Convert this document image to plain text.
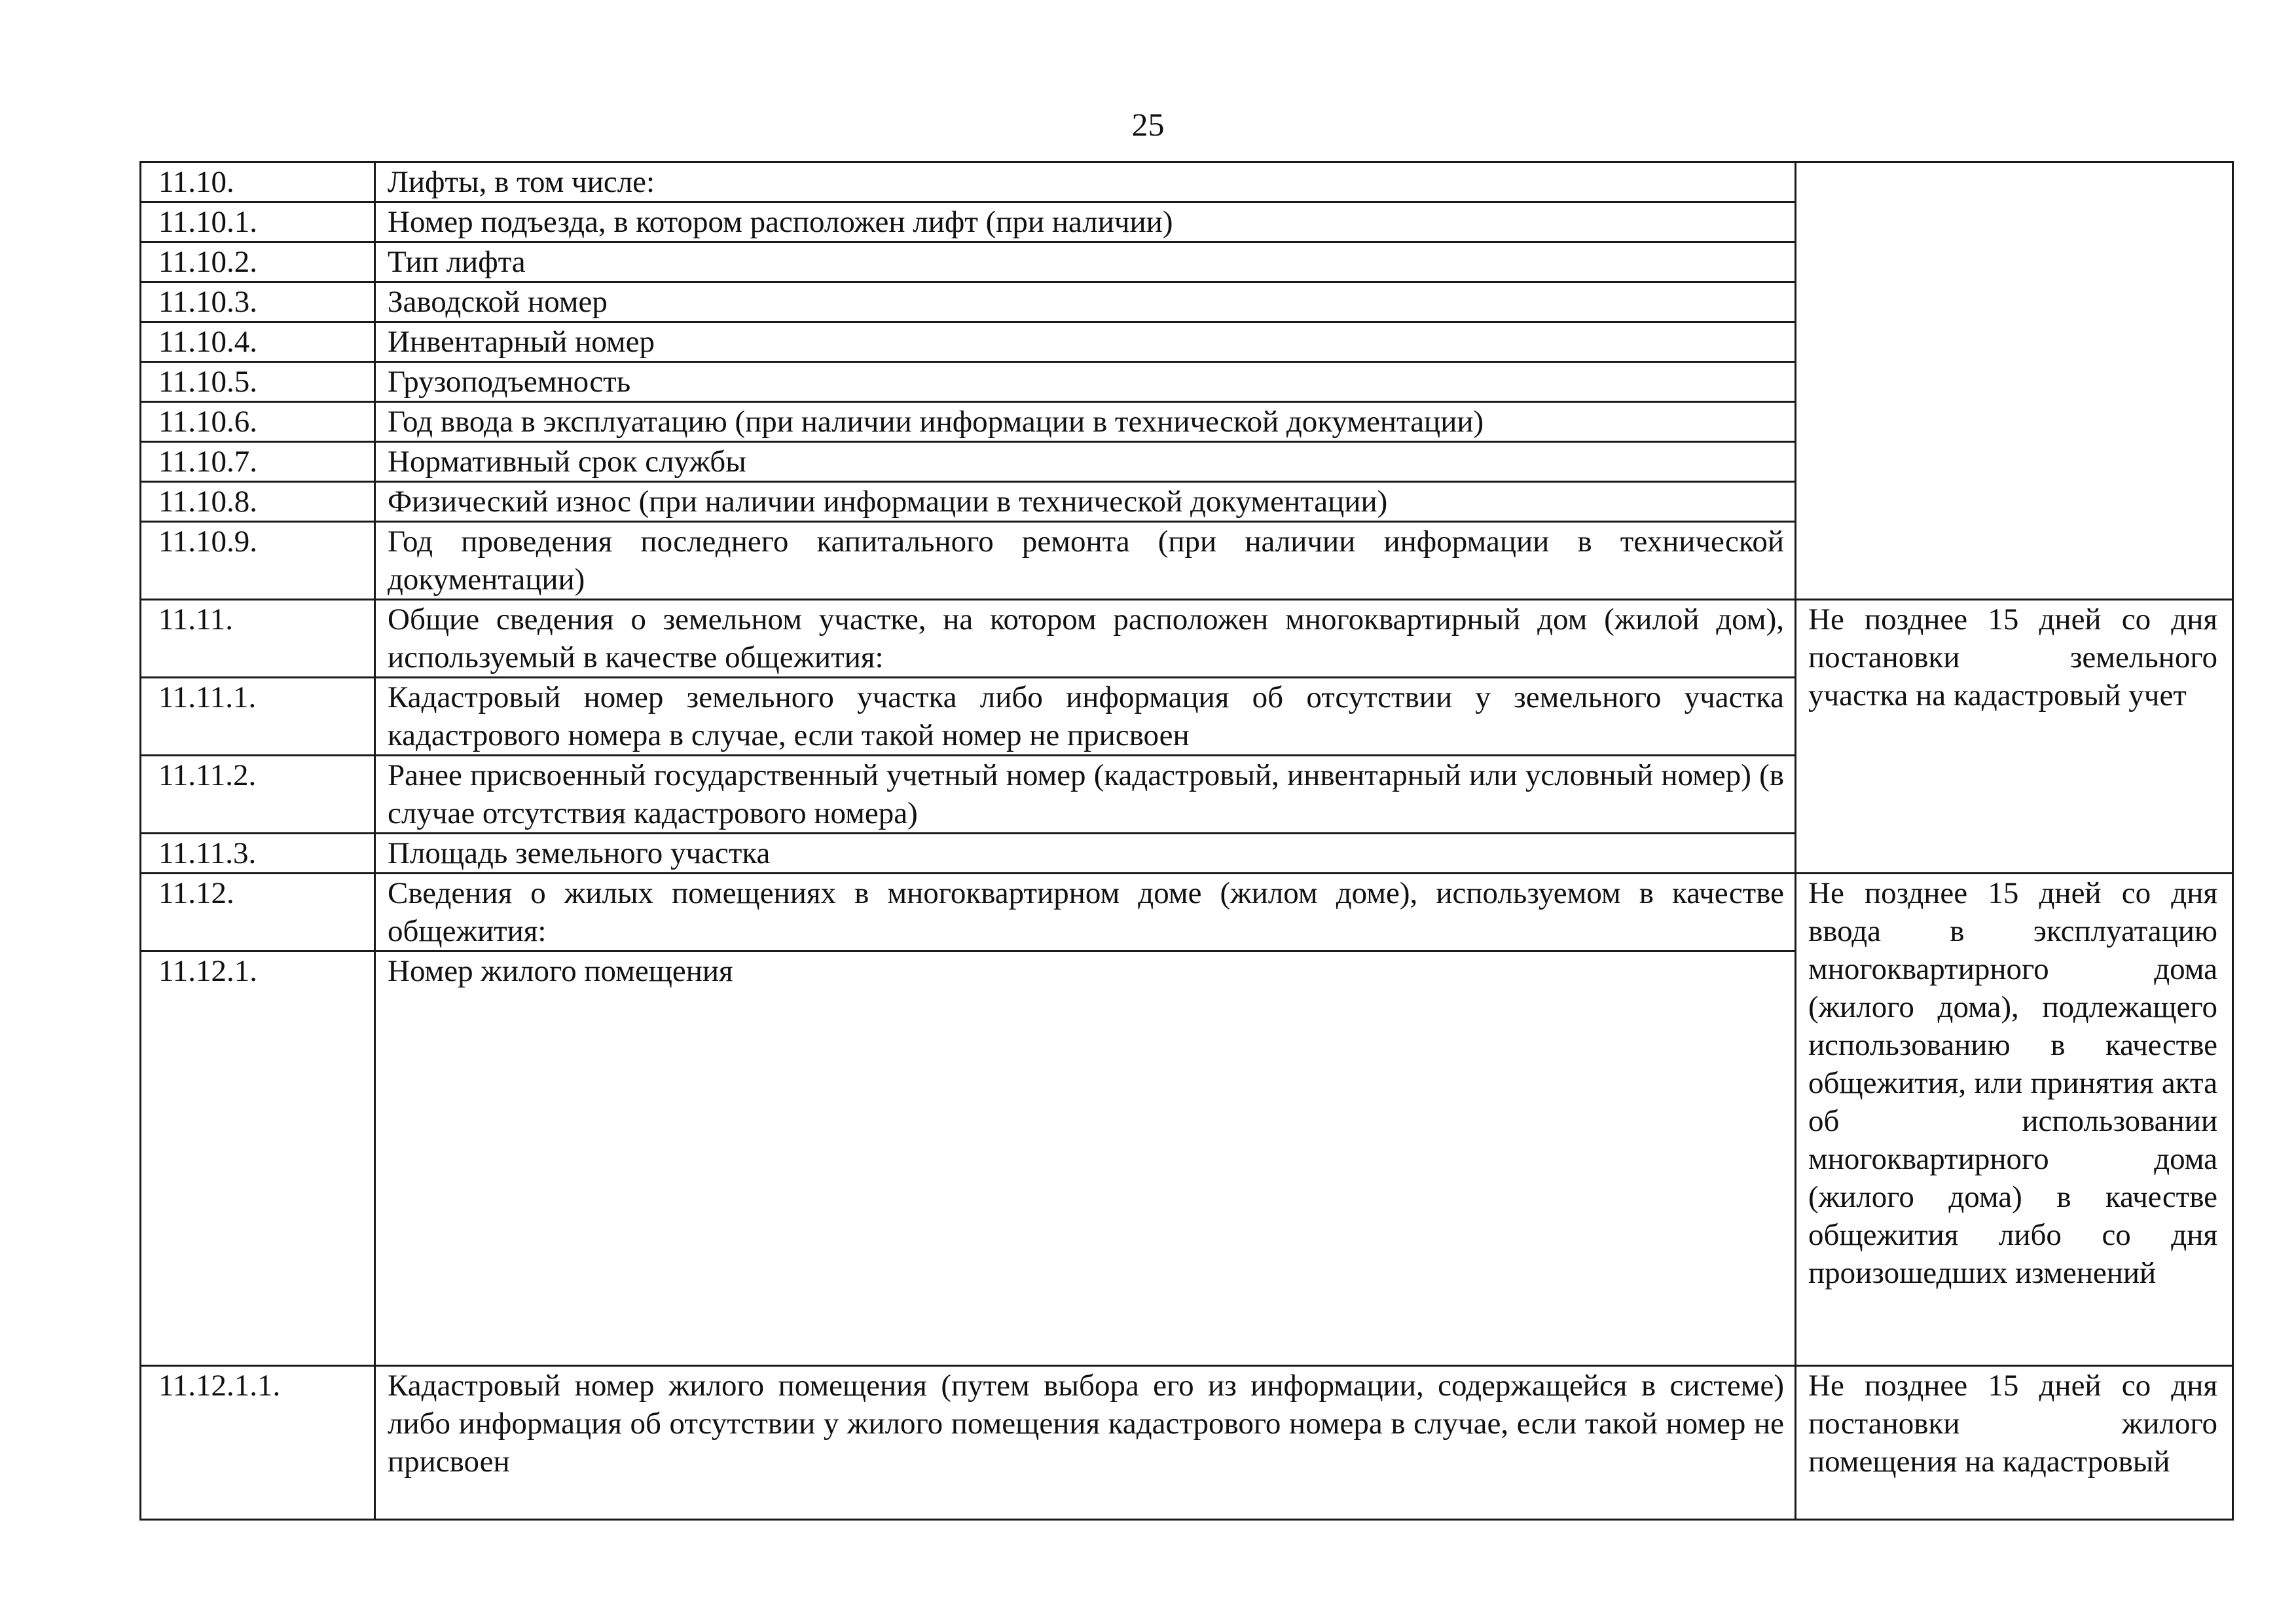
25
11.10.	Лифты, в том числе:	
11.10.1.	Номер подъезда, в котором расположен лифт (при наличии)	
11.10.2.	Тип лифта	
11.10.3.	Заводской номер	
11.10.4.	Инвентарный номер	
11.10.5.	Грузоподъемность	
11.10.6.	Год ввода в эксплуатацию (при наличии информации в технической документации)	
11.10.7.	Нормативный срок службы	
11.10.8.	Физический износ (при наличии информации в технической документации)	
11.10.9.	Год проведения последнего капитального ремонта (при наличии информации в технической документации)	
11.11.	Общие сведения о земельном участке, на котором расположен многоквартирный дом (жилой дом), используемый в качестве общежития:	Не позднее 15 дней со дня постановки земельного участка на кадастровый учет
11.11.1.	Кадастровый номер земельного участка либо информация об отсутствии у земельного участка кадастрового номера в случае, если такой номер не присвоен	
11.11.2.	Ранее присвоенный государственный учетный номер (кадастровый, инвентарный или условный номер) (в случае отсутствия кадастрового номера)	
11.11.3.	Площадь земельного участка	
11.12.	Сведения о жилых помещениях в многоквартирном доме (жилом доме), используемом в качестве общежития:	Не позднее 15 дней со дня ввода в эксплуатацию многоквартирного дома (жилого дома), подлежащего использованию в качестве общежития, или принятия акта об использовании многоквартирного дома (жилого дома) в качестве общежития либо со дня произошедших изменений
11.12.1.	Номер жилого помещения	
11.12.1.1.	Кадастровый номер жилого помещения (путем выбора его из информации, содержащейся в системе) либо информация об отсутствии у жилого помещения кадастрового номера в случае, если такой номер не присвоен	Не позднее 15 дней со дня постановки жилого помещения на кадастровый
